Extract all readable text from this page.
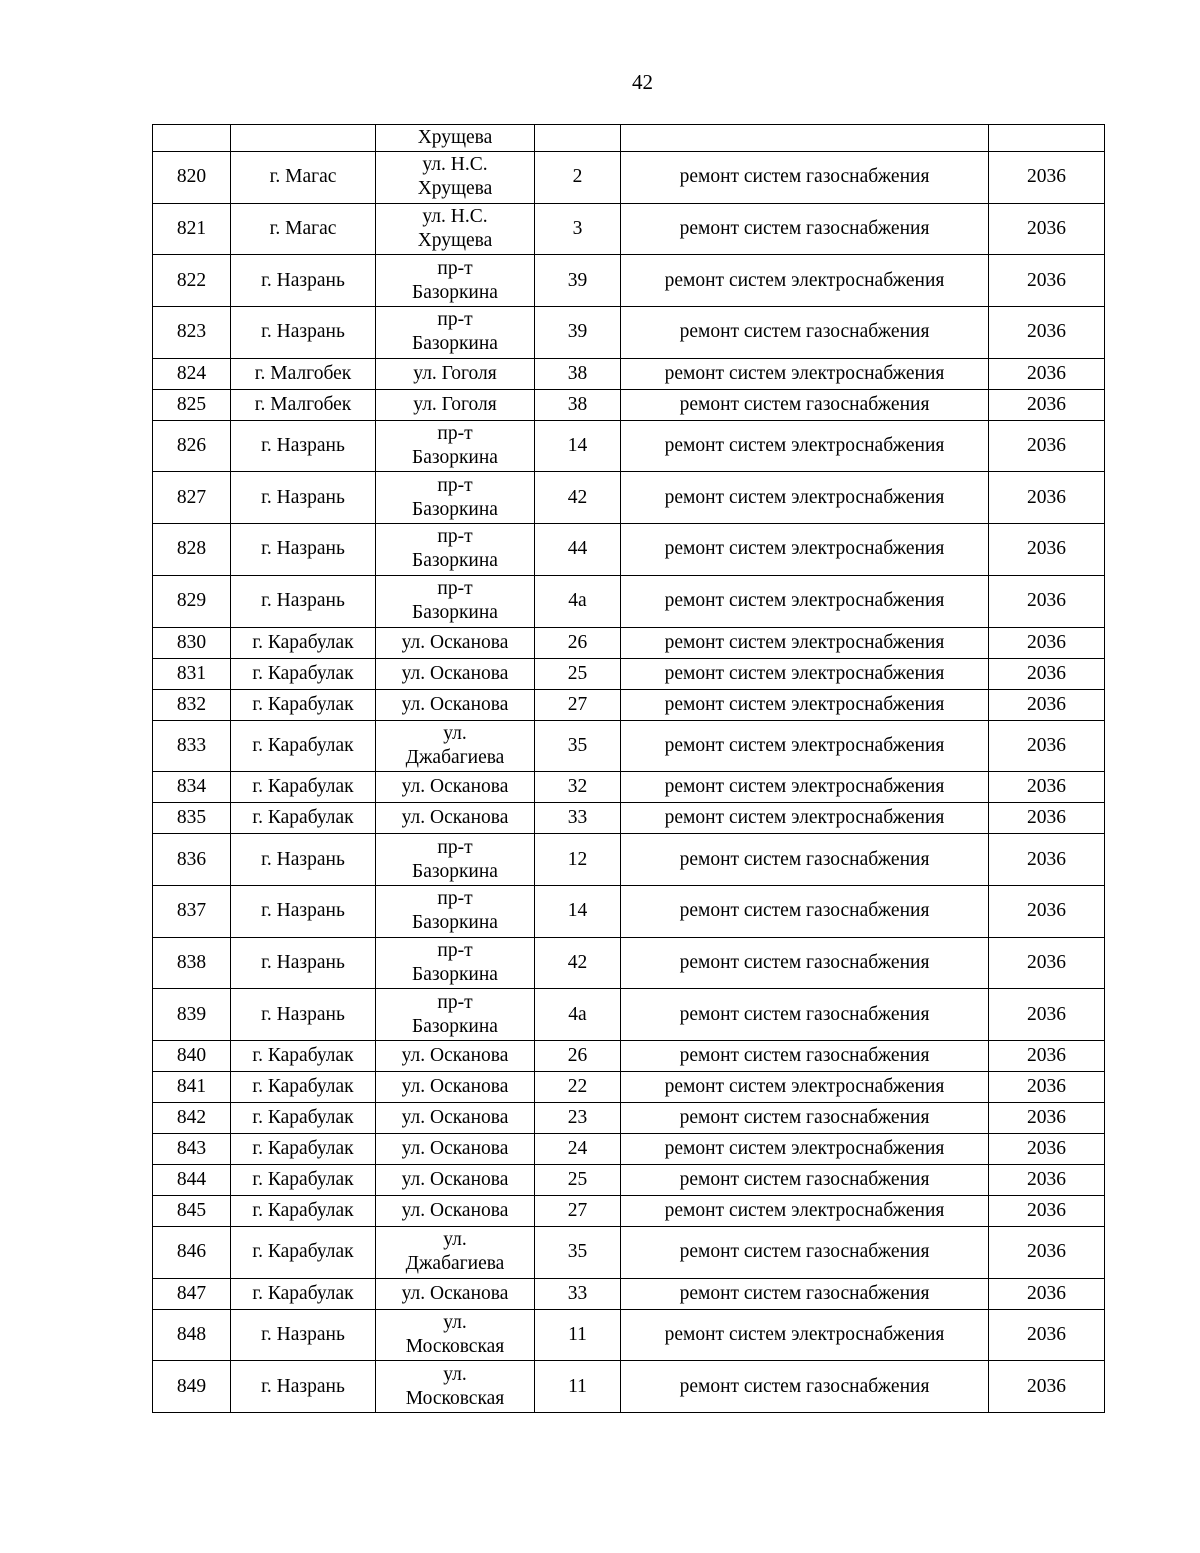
42

		Хрущева			

820	г. Магас	ул. Н.С.
Хрущева	2	ремонт систем газоснабжения	2036

821	г. Магас	ул. Н.С.
Хрущева	3	ремонт систем газоснабжения	2036

822	г. Назрань	пр-т
Базоркина	39	ремонт систем электроснабжения	2036

823	г. Назрань	пр-т
Базоркина	39	ремонт систем газоснабжения	2036

824	г. Малгобек	ул. Гоголя	38	ремонт систем электроснабжения	2036

825	г. Малгобек	ул. Гоголя	38	ремонт систем газоснабжения	2036

826	г. Назрань	пр-т
Базоркина	14	ремонт систем электроснабжения	2036

827	г. Назрань	пр-т
Базоркина	42	ремонт систем электроснабжения	2036

828	г. Назрань	пр-т
Базоркина	44	ремонт систем электроснабжения	2036

829	г. Назрань	пр-т
Базоркина	4а	ремонт систем электроснабжения	2036

830	г. Карабулак	ул. Осканова	26	ремонт систем электроснабжения	2036

831	г. Карабулак	ул. Осканова	25	ремонт систем электроснабжения	2036

832	г. Карабулак	ул. Осканова	27	ремонт систем электроснабжения	2036

833	г. Карабулак	ул.
Джабагиева	35	ремонт систем электроснабжения	2036

834	г. Карабулак	ул. Осканова	32	ремонт систем электроснабжения	2036

835	г. Карабулак	ул. Осканова	33	ремонт систем электроснабжения	2036

836	г. Назрань	пр-т
Базоркина	12	ремонт систем газоснабжения	2036

837	г. Назрань	пр-т
Базоркина	14	ремонт систем газоснабжения	2036

838	г. Назрань	пр-т
Базоркина	42	ремонт систем газоснабжения	2036

839	г. Назрань	пр-т
Базоркина	4а	ремонт систем газоснабжения	2036

840	г. Карабулак	ул. Осканова	26	ремонт систем газоснабжения	2036

841	г. Карабулак	ул. Осканова	22	ремонт систем электроснабжения	2036

842	г. Карабулак	ул. Осканова	23	ремонт систем газоснабжения	2036

843	г. Карабулак	ул. Осканова	24	ремонт систем электроснабжения	2036

844	г. Карабулак	ул. Осканова	25	ремонт систем газоснабжения	2036

845	г. Карабулак	ул. Осканова	27	ремонт систем электроснабжения	2036

846	г. Карабулак	ул.
Джабагиева	35	ремонт систем газоснабжения	2036

847	г. Карабулак	ул. Осканова	33	ремонт систем газоснабжения	2036

848	г. Назрань	ул.
Московская	11	ремонт систем электроснабжения	2036

849	г. Назрань	ул.
Московская	11	ремонт систем газоснабжения	2036
